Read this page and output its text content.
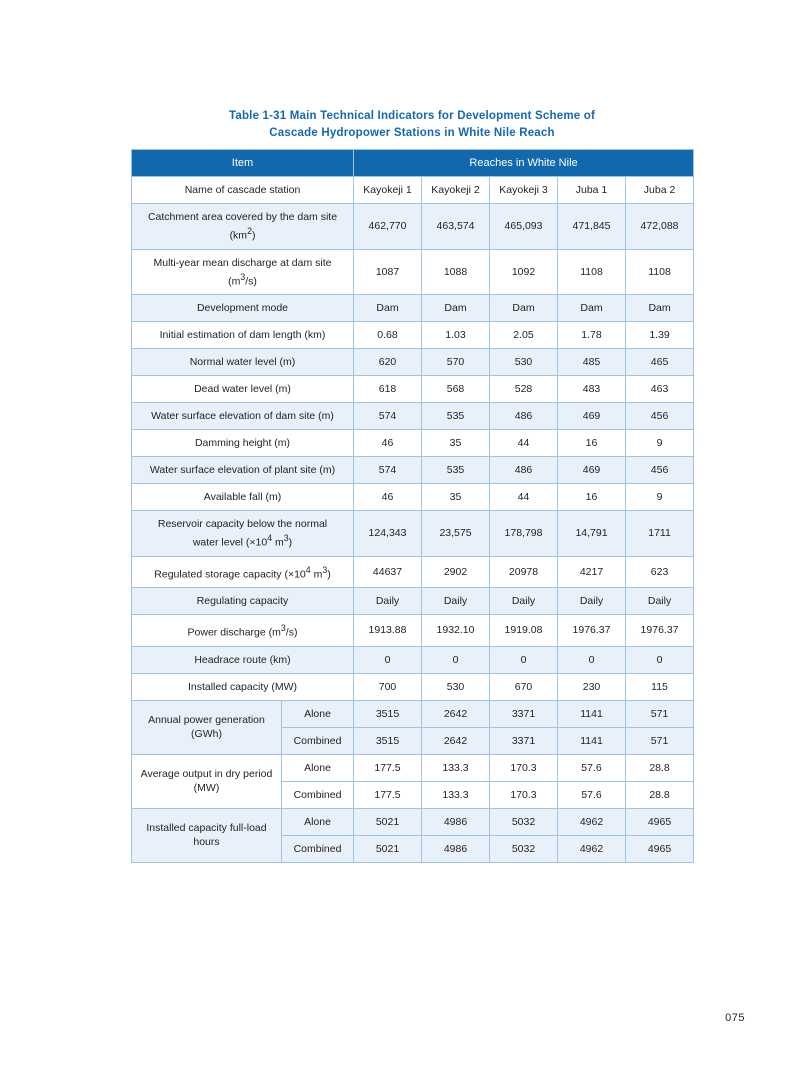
Table 1-31 Main Technical Indicators for Development Scheme of
Cascade Hydropower Stations in White Nile Reach
Item		Reaches in White Nile				
Name of cascade station		Kayokeji 1	Kayokeji 2	Kayokeji 3	Juba 1	Juba 2
Catchment area covered by the dam site
$(km^2)$		462,770	463,574	465,093	471,845	472,088
Multi-year mean discharge at dam site
$(m^3/s)$		1087	1088	1092	1108	1108
Development mode		Dam	Dam	Dam	Dam	Dam
Initial estimation of dam length (km)		0.68	1.03	2.05	1.78	1.39
Normal water level (m)		620	570	530	485	465
Dead water level (m)		618	568	528	483	463
Water surface elevation of dam site (m)		574	535	486	469	456
Damming height (m)		46	35	44	16	9
Water surface elevation of plant site (m)		574	535	486	469	456
Available fall (m)		46	35	44	16	9
Reservoir capacity below the normal
water level ($\times 10^4$ $m^3$)		124,343	23,575	178,798	14,791	1711
Regulated storage capacity ($\times 10^4$ $m^3$)		44637	2902	20978	4217	623
Regulating capacity		Daily	Daily	Daily	Daily	Daily
Power discharge $(m^3/s)$		1913.88	1932.10	1919.08	1976.37	1976.37
Headrace route (km)		0	0	0	0	0
Installed capacity (MW)		700	530	670	230	115
Annual power generation
(GWh)	Alone	3515	2642	3371	1141	571
	Combined	3515	2642	3371	1141	571
Average output in dry period
(MW)	Alone	177.5	133.3	170.3	57.6	28.8
	Combined	177.5	133.3	170.3	57.6	28.8
Installed capacity full-load
hours	Alone	5021	4986	5032	4962	4965
	Combined	5021	4986	5032	4962	4965
075
